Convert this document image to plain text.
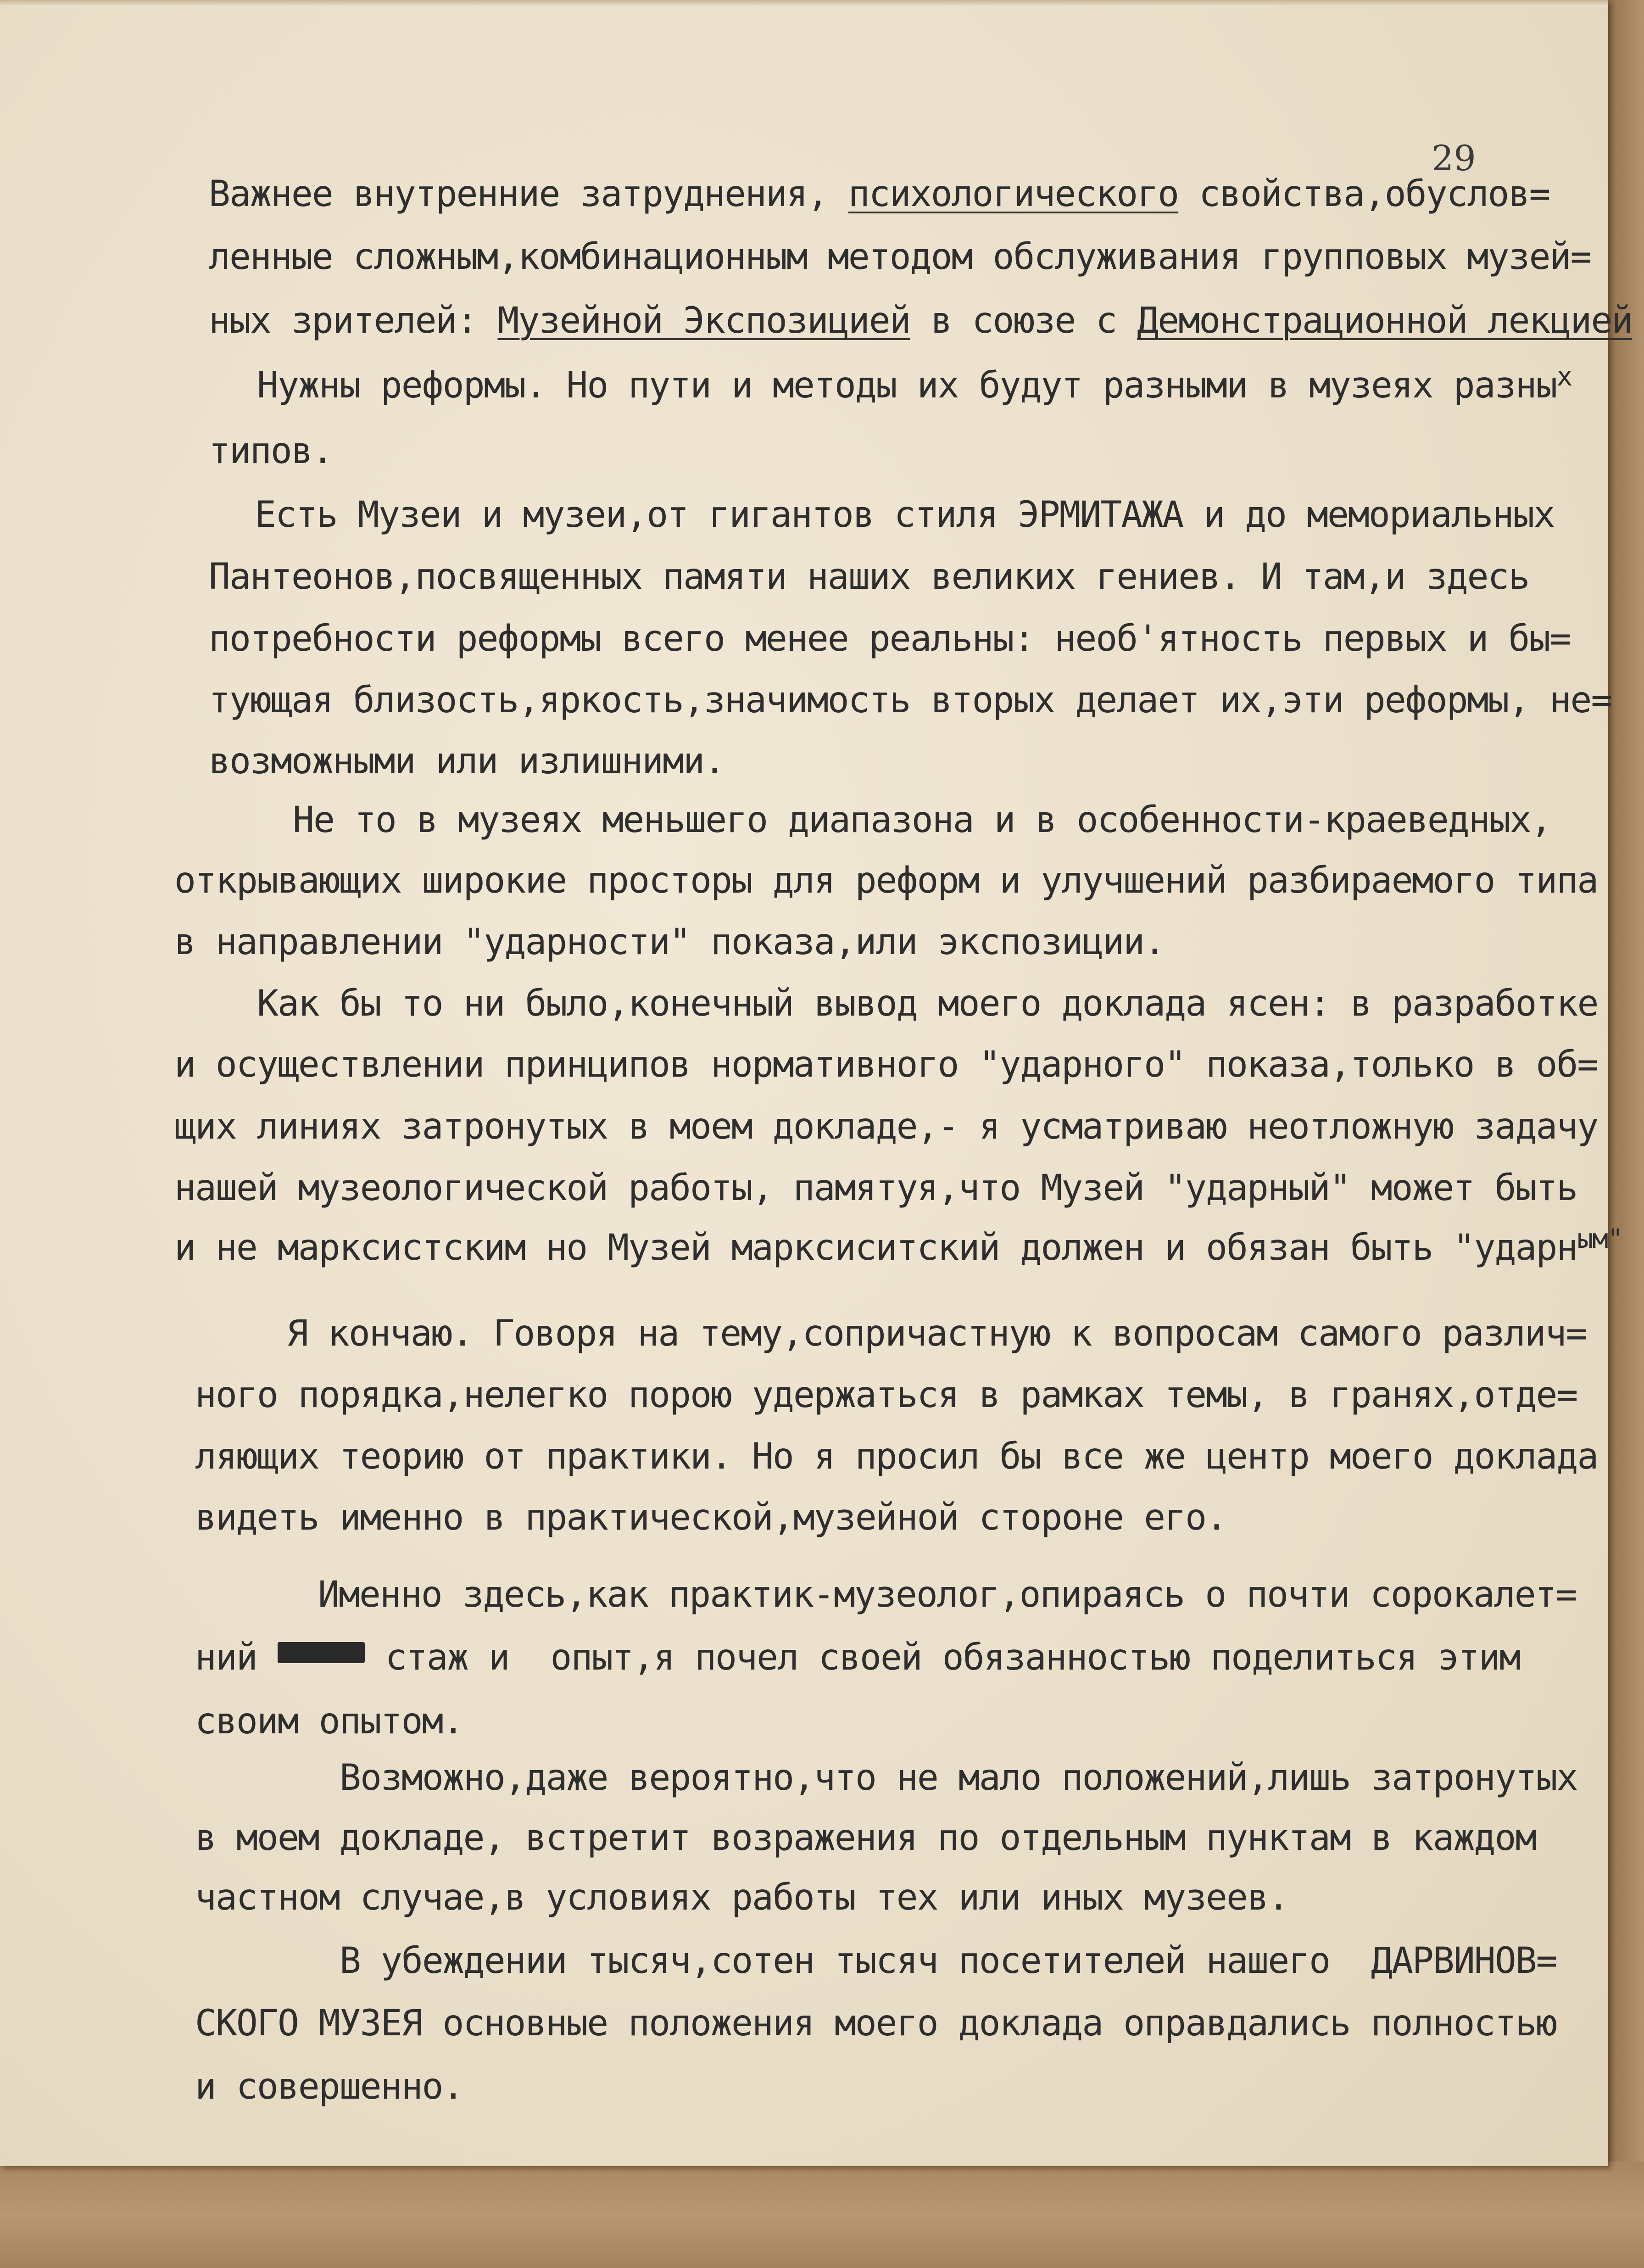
29
Важнее внутренние затруднения, психологического свойства,обуслов=
ленные сложным,комбинационным методом обслуживания групповых музей=
ных зрителей: Музейной Экспозицией в союзе с Демонстрационной лекцией
Нужны реформы. Но пути и методы их будут разными в музеях разны$^х$
типов.
Есть Музеи и музеи,от гигантов стиля ЭРМИТАЖА и до мемориальных
Пантеонов,посвященных памяти наших великих гениев. И там,и здесь
потребности реформы всего менее реальны: необ'ятность первых и бы=
тующая близость,яркость,значимость вторых делает их,эти реформы, не=
возможными или излишними.
Не то в музеях меньшего диапазона и в особенности-краеведных,
открывающих широкие просторы для реформ и улучшений разбираемого типа
в направлении "ударности" показа,или экспозиции.
Как бы то ни было,конечный вывод моего доклада ясен: в разработке
и осуществлении принципов нормативного "ударного" показа,только в об=
щих линиях затронутых в моем докладе,- я усматриваю неотложную задачу
нашей музеологической работы, памятуя,что Музей "ударный" может быть
и не марксистским но Музей марксиситский должен и обязан быть "ударн$^{ым"}$
Я кончаю. Говоря на тему,сопричастную к вопросам самого различ=
ного порядка,нелегко порою удержаться в рамках темы, в гранях,отде=
ляющих теорию от практики. Но я просил бы все же центр моего доклада
видеть именно в практической,музейной стороне его.
Именно здесь,как практик-музеолог,опираясь о почти сорокалет=
ний	стаж и  опыт,я почел своей обязанностью поделиться этим
своим опытом.
Возможно,даже вероятно,что не мало положений,лишь затронутых
в моем докладе, встретит возражения по отдельным пунктам в каждом
частном случае,в условиях работы тех или иных музеев.
В убеждении тысяч,сотен тысяч посетителей нашего  ДАРВИНОВ=
СКОГО МУЗЕЯ основные положения моего доклада оправдались полностью
и совершенно.
